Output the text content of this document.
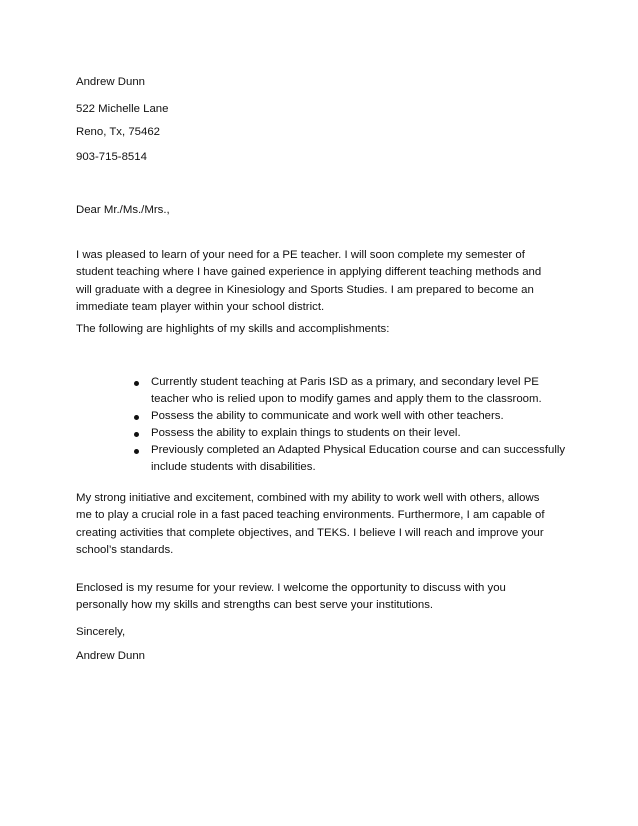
Andrew Dunn
522 Michelle Lane
Reno, Tx, 75462
903-715-8514
Dear Mr./Ms./Mrs.,
I was pleased to learn of your need for a PE teacher. I will soon complete my semester of
student teaching where I have gained experience in applying different teaching methods and
will graduate with a degree in Kinesiology and Sports Studies. I am prepared to become an
immediate team player within your school district.
The following are highlights of my skills and accomplishments:
Currently student teaching at Paris ISD as a primary, and secondary level PE
teacher who is relied upon to modify games and apply them to the classroom.
Possess the ability to communicate and work well with other teachers.
Possess the ability to explain things to students on their level.
Previously completed an Adapted Physical Education course and can successfully
include students with disabilities.
My strong initiative and excitement, combined with my ability to work well with others, allows
me to play a crucial role in a fast paced teaching environments. Furthermore, I am capable of
creating activities that complete objectives, and TEKS. I believe I will reach and improve your
school’s standards.
Enclosed is my resume for your review. I welcome the opportunity to discuss with you
personally how my skills and strengths can best serve your institutions.
Sincerely,
Andrew Dunn
